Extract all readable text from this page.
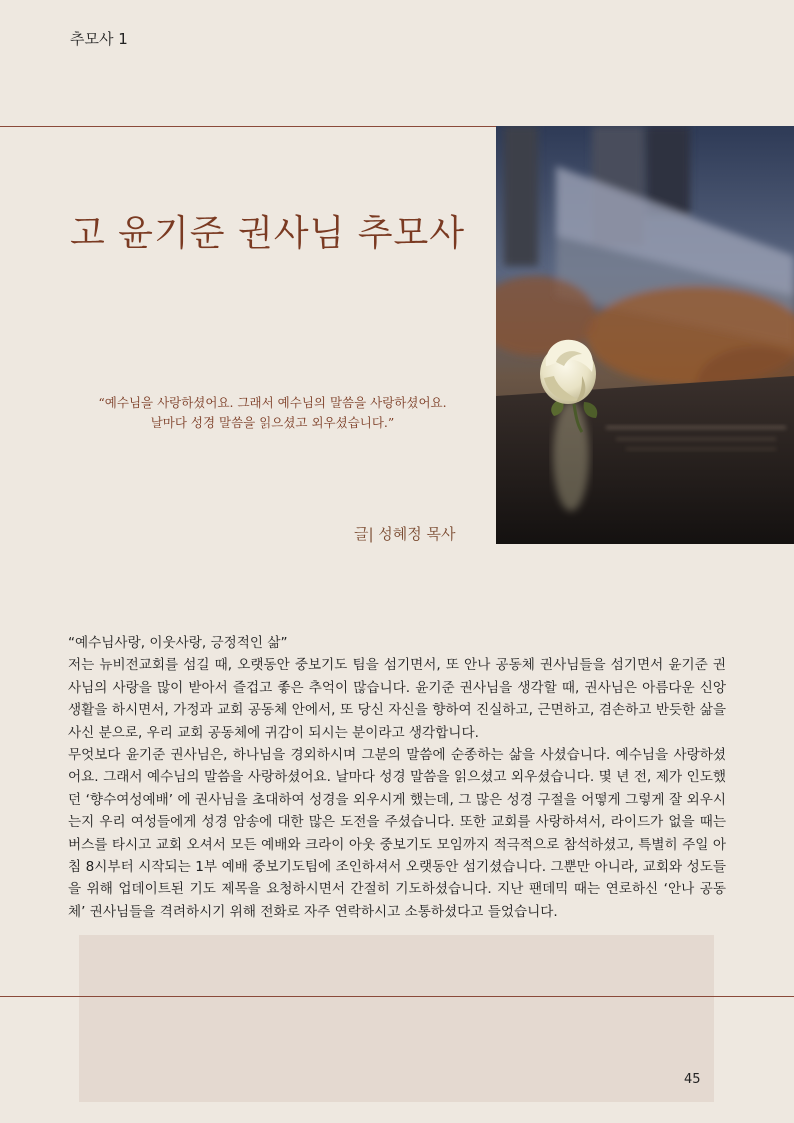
추모사 1
고 윤기준 권사님 추모사
“예수님을 사랑하셨어요. 그래서 예수님의 말씀을 사랑하셨어요.
날마다 성경 말씀을 읽으셨고 외우셨습니다.”
글| 성혜정 목사

“예수님사랑, 이웃사랑, 긍정적인 삶”

저는 뉴비전교회를 섬길 때, 오랫동안 중보기도 팀을 섬기면서, 또 안나 공동체 권사님들을 섬기면서 윤기준 권사님의 사랑을 많이 받아서 즐겁고 좋은 추억이 많습니다. 윤기준 권사님을 생각할 때, 권사님은 아름다운 신앙생활을 하시면서, 가정과 교회 공동체 안에서, 또 당신 자신을 향하여 진실하고, 근면하고, 겸손하고 반듯한 삶을 사신 분으로, 우리 교회 공동체에 귀감이 되시는 분이라고 생각합니다.

무엇보다 윤기준 권사님은, 하나님을 경외하시며 그분의 말씀에 순종하는 삶을 사셨습니다. 예수님을 사랑하셨어요. 그래서 예수님의 말씀을 사랑하셨어요. 날마다 성경 말씀을 읽으셨고 외우셨습니다. 몇 년 전, 제가 인도했던 ‘향수여성예배’ 에 권사님을 초대하여 성경을 외우시게 했는데, 그 많은 성경 구절을 어떻게 그렇게 잘 외우시는지 우리 여성들에게 성경 암송에 대한 많은 도전을 주셨습니다. 또한 교회를 사랑하셔서, 라이드가 없을 때는 버스를 타시고 교회 오셔서 모든 예배와 크라이 아웃 중보기도 모임까지 적극적으로 참석하셨고, 특별히 주일 아침 8시부터 시작되는 1부 예배 중보기도팀에 조인하셔서 오랫동안 섬기셨습니다. 그뿐만 아니라, 교회와 성도들을 위해 업데이트된 기도 제목을 요청하시면서 간절히 기도하셨습니다. 지난 팬데믹 때는 연로하신 ‘안나 공동체’ 권사님들을 격려하시기 위해 전화로 자주 연락하시고 소통하셨다고 들었습니다.

45
